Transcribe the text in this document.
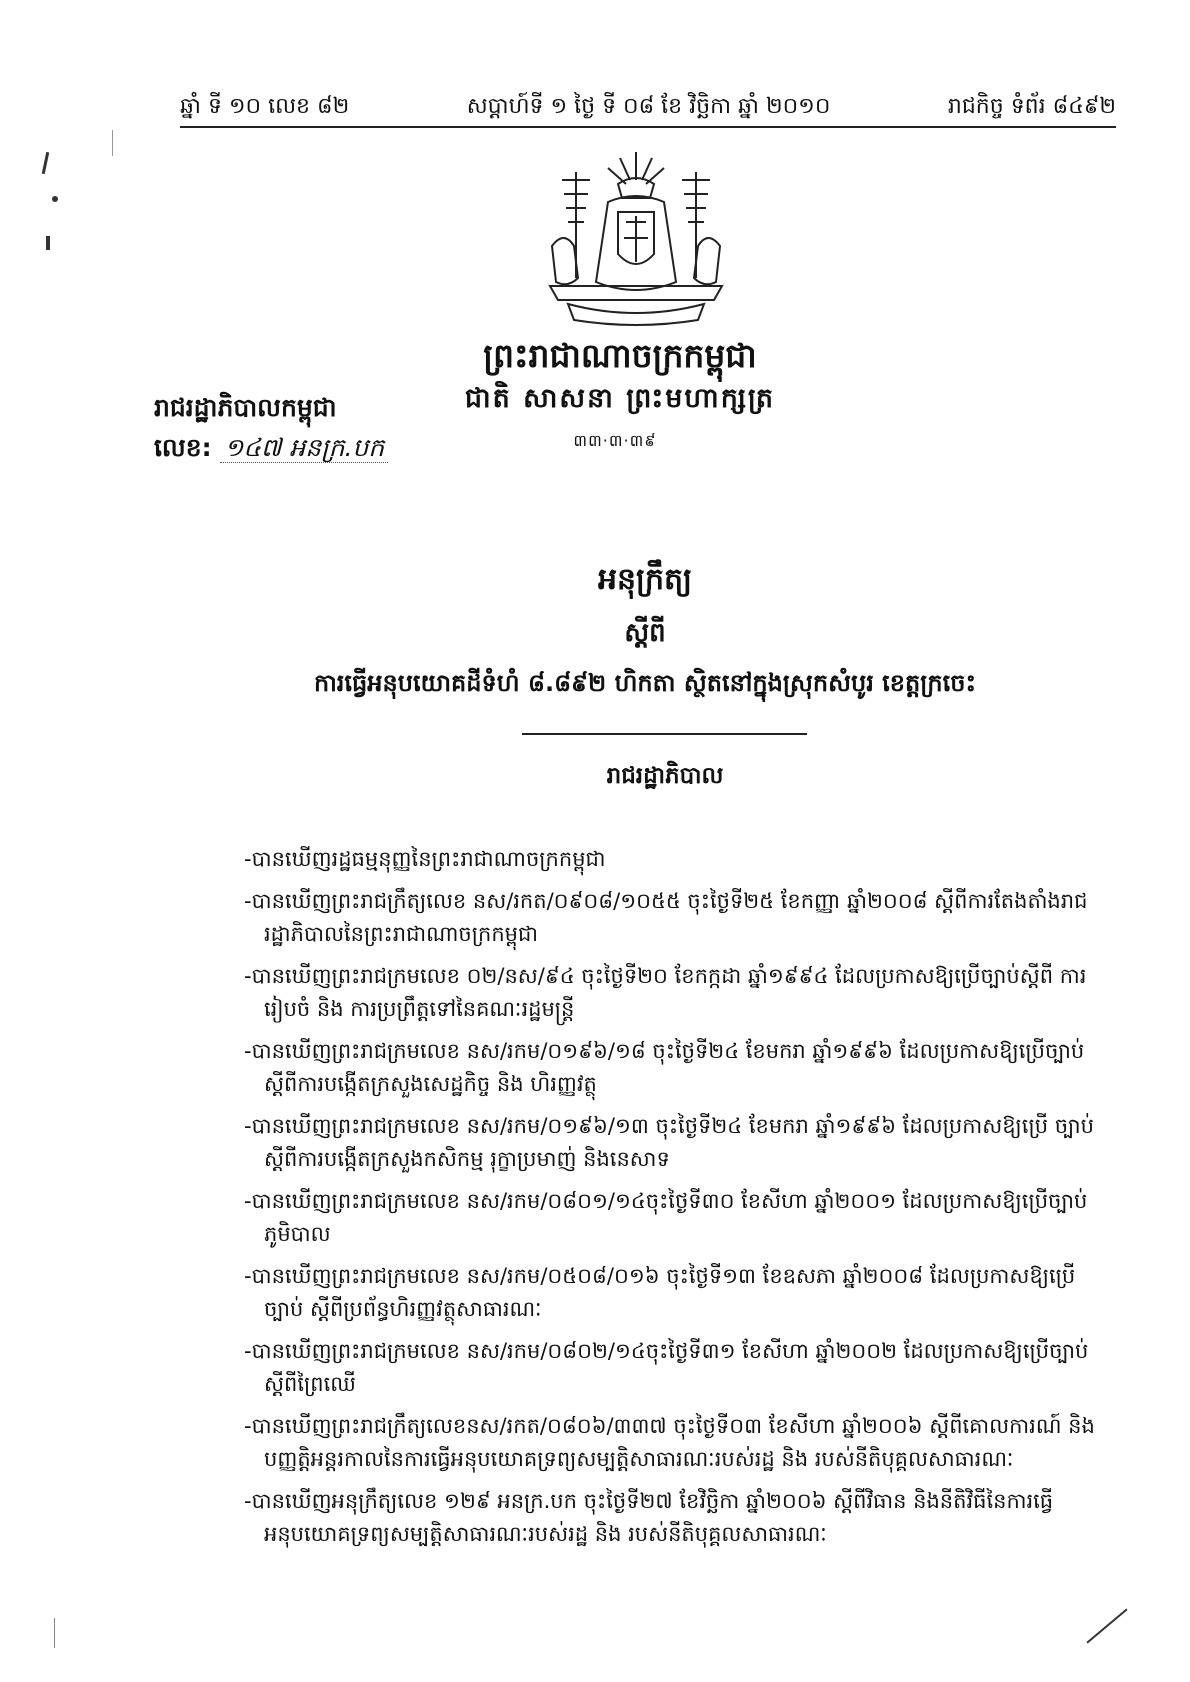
ឆ្នាំ ទី ១០ លេខ ៨២	សប្ដាហ៍ទី ១ ថ្ងៃ ទី ០៨ ខែ វិច្ឆិកា ឆ្នាំ ២០១០	រាជកិច្ច ទំព័រ ៨៤៩២
ព្រះរាជាណាចក្រកម្ពុជា
ជាតិ សាសនា ព្រះមហាក្សត្រ
៣៣·៣·៣៩
រាជរដ្ឋាភិបាលកម្ពុជា
លេខ: ១៤៧ អនក្រ.បក

អនុក្រឹត្យ

ស្ដីពី

ការធ្វើអនុបយោគដីទំហំ ៨.៨៩២ ហិកតា ស្ថិតនៅក្នុងស្រុកសំបូរ ខេត្តក្រចេះ

រាជរដ្ឋាភិបាល
-បានឃើញរដ្ឋធម្មនុញ្ញនៃព្រះរាជាណាចក្រកម្ពុជា
-បានឃើញព្រះរាជក្រឹត្យលេខ នស/រកត/០៩០៨/១០៥៥ ចុះថ្ងៃទី២៥ ខែកញ្ញា ឆ្នាំ២០០៨ ស្ដីពីការតែងតាំងរាជរដ្ឋាភិបាលនៃព្រះរាជាណាចក្រកម្ពុជា
-បានឃើញព្រះរាជក្រមលេខ ០២/នស/៩៤ ចុះថ្ងៃទី២០ ខែកក្កដា ឆ្នាំ១៩៩៤ ដែលប្រកាសឱ្យប្រើច្បាប់ស្ដីពី ការរៀបចំ និង ការប្រព្រឹត្តទៅនៃគណៈរដ្ឋមន្ត្រី
-បានឃើញព្រះរាជក្រមលេខ នស/រកម/០១៩៦/១៨ ចុះថ្ងៃទី២៤ ខែមករា ឆ្នាំ១៩៩៦ ដែលប្រកាសឱ្យប្រើច្បាប់ស្ដីពីការបង្កើតក្រសួងសេដ្ឋកិច្ច និង ហិរញ្ញវត្ថុ
-បានឃើញព្រះរាជក្រមលេខ នស/រកម/០១៩៦/១៣ ចុះថ្ងៃទី២៤ ខែមករា ឆ្នាំ១៩៩៦ ដែលប្រកាសឱ្យប្រើ ច្បាប់ស្ដីពីការបង្កើតក្រសួងកសិកម្ម រុក្ខាប្រមាញ់ និងនេសាទ
-បានឃើញព្រះរាជក្រមលេខ នស/រកម/០៨០១/១៤ចុះថ្ងៃទី៣០ ខែសីហា ឆ្នាំ២០០១ ដែលប្រកាសឱ្យប្រើច្បាប់ភូមិបាល
-បានឃើញព្រះរាជក្រមលេខ នស/រកម/០៥០៨/០១៦ ចុះថ្ងៃទី១៣ ខែឧសភា ឆ្នាំ២០០៨ ដែលប្រកាសឱ្យប្រើច្បាប់ ស្ដីពីប្រព័ន្ធហិរញ្ញវត្ថុសាធារណៈ
-បានឃើញព្រះរាជក្រមលេខ នស/រកម/០៨០២/១៤ចុះថ្ងៃទី៣១ ខែសីហា ឆ្នាំ២០០២ ដែលប្រកាសឱ្យប្រើច្បាប់ស្ដីពីព្រៃឈើ
-បានឃើញព្រះរាជក្រឹត្យលេខនស/រកត/០៨០៦/៣៣៧ ចុះថ្ងៃទី០៣ ខែសីហា ឆ្នាំ២០០៦ ស្ដីពីគោលការណ៍ និងបញ្ញត្តិអន្តរកាលនៃការធ្វើអនុបយោគទ្រព្យសម្បត្តិសាធារណៈរបស់រដ្ឋ និង របស់នីតិបុគ្គលសាធារណៈ
-បានឃើញអនុក្រឹត្យលេខ ១២៩ អនក្រ.បក ចុះថ្ងៃទី២៧ ខែវិច្ឆិកា ឆ្នាំ២០០៦ ស្ដីពីវិធាន និងនីតិវិធីនៃការធ្វើអនុបយោគទ្រព្យសម្បត្តិសាធារណៈរបស់រដ្ឋ និង របស់នីតិបុគ្គលសាធារណៈ
